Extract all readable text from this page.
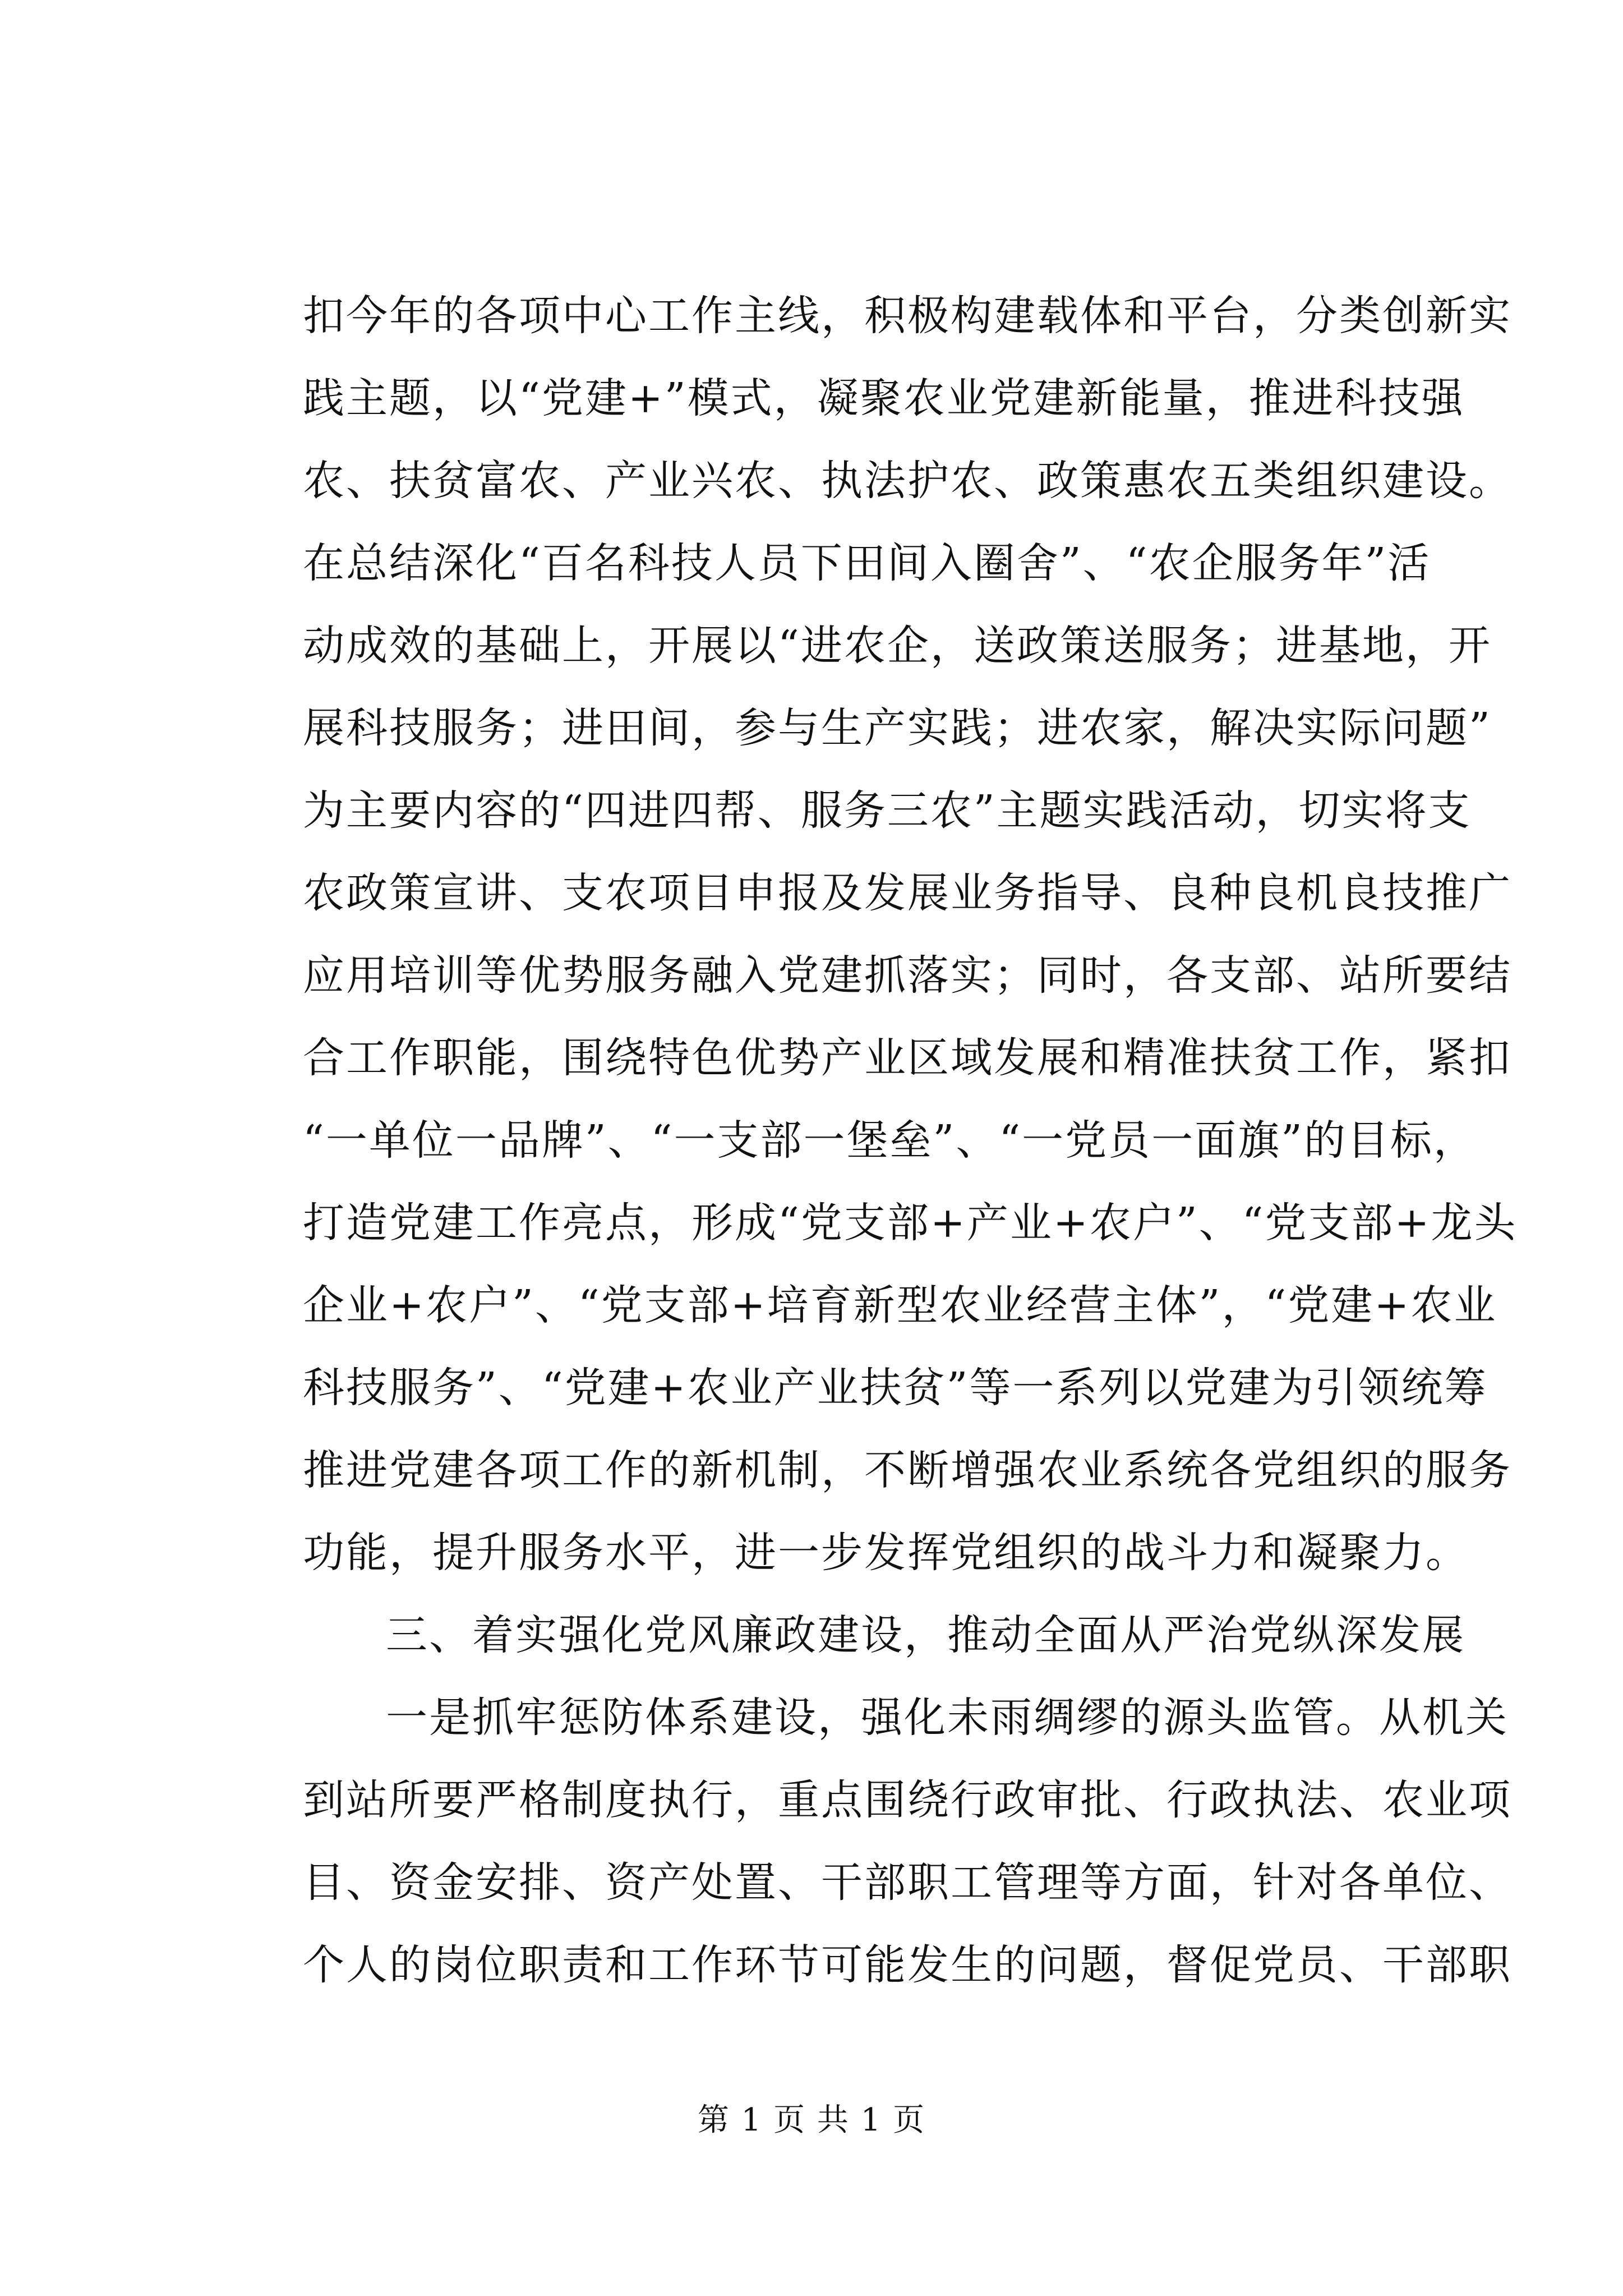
扣今年的各项中心工作主线，积极构建载体和平台，分类创新实
践主题，以“党建+”模式，凝聚农业党建新能量，推进科技强
农、扶贫富农、产业兴农、执法护农、政策惠农五类组织建设。
在总结深化“百名科技人员下田间入圈舍”、“农企服务年”活
动成效的基础上，开展以“进农企，送政策送服务；进基地，开
展科技服务；进田间，参与生产实践；进农家，解决实际问题”
为主要内容的“四进四帮、服务三农”主题实践活动，切实将支
农政策宣讲、支农项目申报及发展业务指导、良种良机良技推广
应用培训等优势服务融入党建抓落实；同时，各支部、站所要结
合工作职能，围绕特色优势产业区域发展和精准扶贫工作，紧扣
“一单位一品牌”、“一支部一堡垒”、“一党员一面旗”的目标，
打造党建工作亮点，形成“党支部+产业+农户”、“党支部+龙头
企业+农户”、“党支部+培育新型农业经营主体”，“党建+农业
科技服务”、“党建+农业产业扶贫”等一系列以党建为引领统筹
推进党建各项工作的新机制，不断增强农业系统各党组织的服务
功能，提升服务水平，进一步发挥党组织的战斗力和凝聚力。
三、着实强化党风廉政建设，推动全面从严治党纵深发展
一是抓牢惩防体系建设，强化未雨绸缪的源头监管。从机关
到站所要严格制度执行，重点围绕行政审批、行政执法、农业项
目、资金安排、资产处置、干部职工管理等方面，针对各单位、
个人的岗位职责和工作环节可能发生的问题，督促党员、干部职
第 1 页 共 1 页
